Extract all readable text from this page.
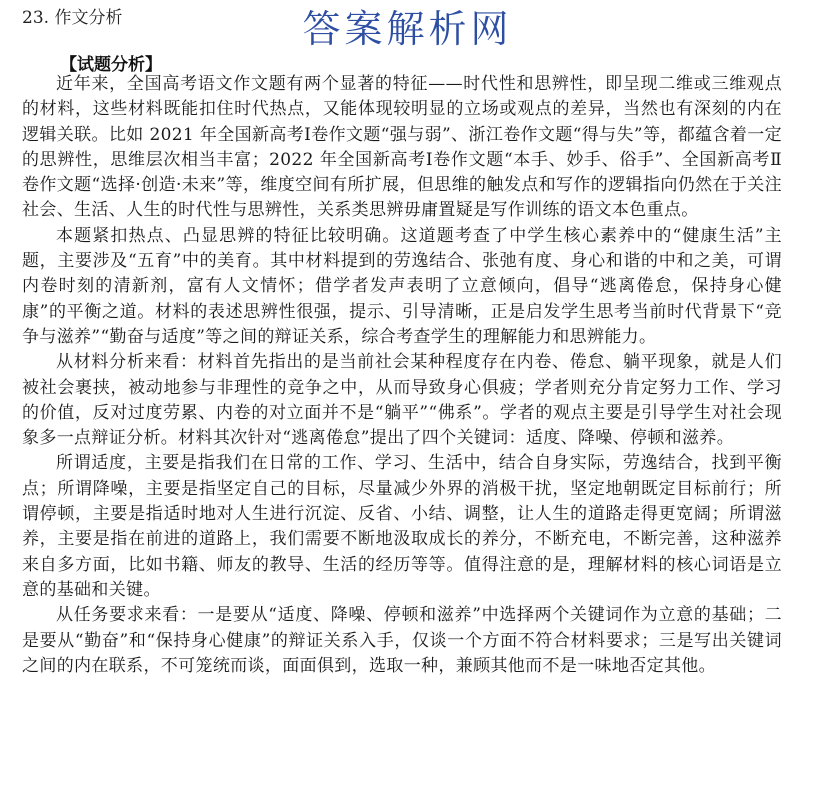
23. 作文分析	答案解析网
【试题分析】

近年来，全国高考语文作文题有两个显著的特征——时代性和思辨性，即呈现二维或三维观点的材料，这些材料既能扣住时代热点，又能体现较明显的立场或观点的差异，当然也有深刻的内在逻辑关联。比如 2021 年全国新高考Ⅰ卷作文题“强与弱”、浙江卷作文题“得与失”等，都蕴含着一定的思辨性，思维层次相当丰富；2022 年全国新高考Ⅰ卷作文题“本手、妙手、俗手”、全国新高考Ⅱ卷作文题“选择·创造·未来”等，维度空间有所扩展，但思维的触发点和写作的逻辑指向仍然在于关注社会、生活、人生的时代性与思辨性，关系类思辨毋庸置疑是写作训练的语文本色重点。

本题紧扣热点、凸显思辨的特征比较明确。这道题考查了中学生核心素养中的“健康生活”主题，主要涉及“五育”中的美育。其中材料提到的劳逸结合、张弛有度、身心和谐的中和之美，可谓内卷时刻的清新剂，富有人文情怀；借学者发声表明了立意倾向，倡导“逃离倦怠，保持身心健康”的平衡之道。材料的表述思辨性很强，提示、引导清晰，正是启发学生思考当前时代背景下“竞争与滋养”“勤奋与适度”等之间的辩证关系，综合考查学生的理解能力和思辨能力。

从材料分析来看：材料首先指出的是当前社会某种程度存在内卷、倦怠、躺平现象，就是人们被社会裹挟，被动地参与非理性的竞争之中，从而导致身心俱疲；学者则充分肯定努力工作、学习的价值，反对过度劳累、内卷的对立面并不是“躺平”“佛系”。学者的观点主要是引导学生对社会现象多一点辩证分析。材料其次针对“逃离倦怠”提出了四个关键词：适度、降噪、停顿和滋养。

所谓适度，主要是指我们在日常的工作、学习、生活中，结合自身实际，劳逸结合，找到平衡点；所谓降噪，主要是指坚定自己的目标，尽量减少外界的消极干扰，坚定地朝既定目标前行；所谓停顿，主要是指适时地对人生进行沉淀、反省、小结、调整，让人生的道路走得更宽阔；所谓滋养，主要是指在前进的道路上，我们需要不断地汲取成长的养分，不断充电，不断完善，这种滋养来自多方面，比如书籍、师友的教导、生活的经历等等。值得注意的是，理解材料的核心词语是立意的基础和关键。

从任务要求来看：一是要从“适度、降噪、停顿和滋养”中选择两个关键词作为立意的基础；二是要从“勤奋”和“保持身心健康”的辩证关系入手，仅谈一个方面不符合材料要求；三是写出关键词之间的内在联系，不可笼统而谈，面面俱到，选取一种，兼顾其他而不是一味地否定其他。
